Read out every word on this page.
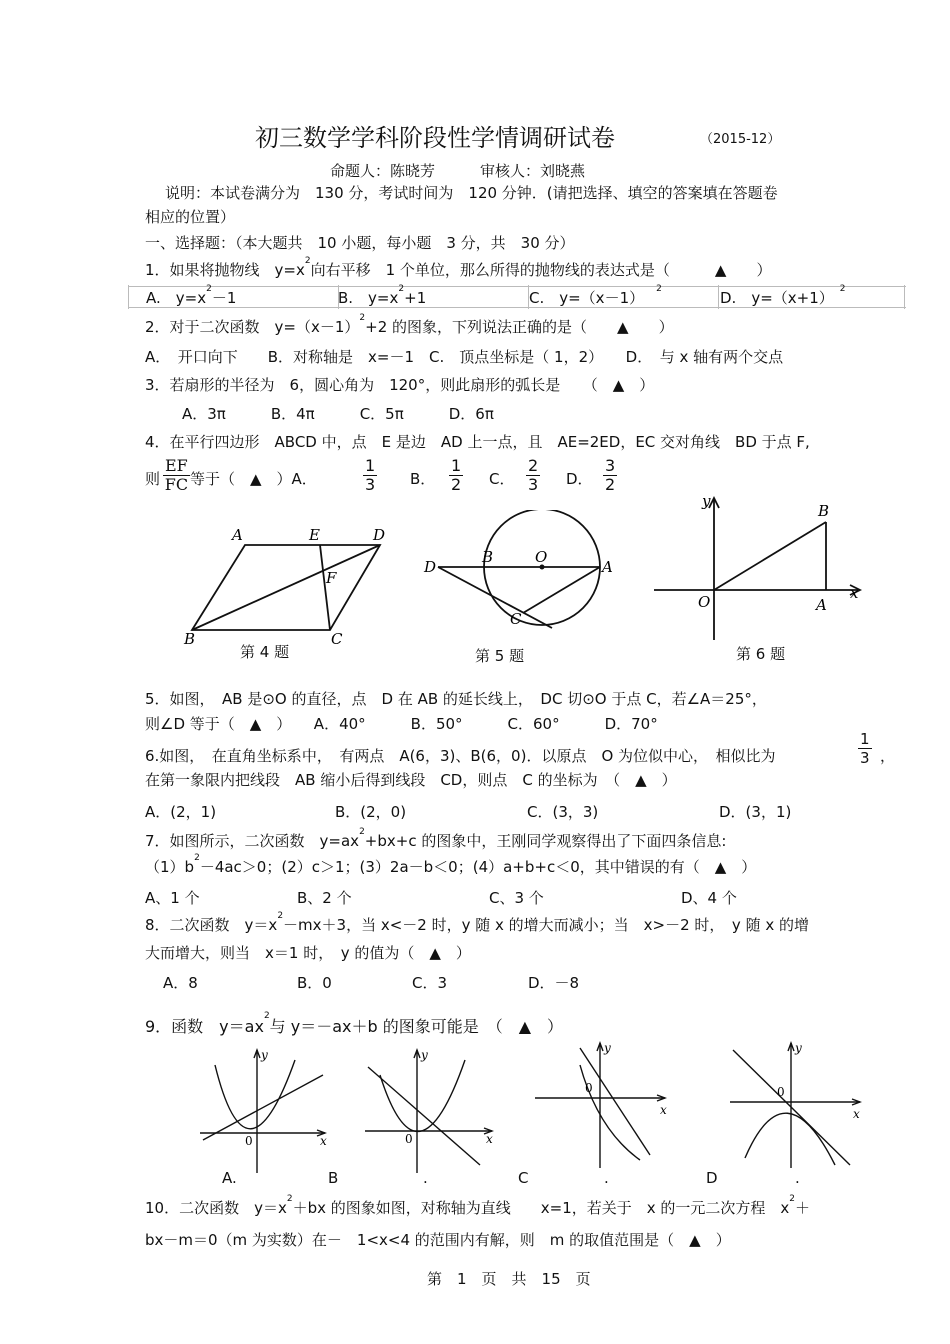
初三数学学科阶段性学情调研试卷	（2015-12）
命题人：陈晓芳　　　审核人：刘晓燕
说明：本试卷满分为　130 分，考试时间为　120 分钟．(请把选择、填空的答案填在答题卷
相应的位置）
一、选择题：（本大题共　10 小题，每小题　3 分，共　30 分）
1．如果将抛物线　$y=x^2$向右平移　1 个单位，那么所得的抛物线的表达式是（　　　▲　　）
A.　$y=x^2-1$	B.　$y=x^2+1$	C.　y=（x－1） $^2$	D.　y=（x+1） $^2$
2．对于二次函数　$y=(x-1)^2+2$ 的图象，下列说法正确的是（　　▲　　）
A．　开口向下　　B．对称轴是　x=－1　C.　顶点坐标是（ 1，2）　　D．　与 x 轴有两个交点
3．若扇形的半径为　6，圆心角为　120°，则此扇形的弧长是　　（　▲　）
A．3π　　　B．4π　　　C．5π　　　D．6π
4．在平行四边形　ABCD 中，点　E 是边　AD 上一点，且　AE=2ED，EC 交对角线　BD 于点 F,
则 $\frac{EF}{FC}$ 等于（　▲　）A．	$\frac{1}{3}$ B． $\frac{1}{2}$ C． $\frac{2}{3}$ D． $\frac{3}{2}$
A	E	D
F
B	C
第 4 题
D
B	O
A
C
第 5 题
y
B
O	A
x
第 6 题
5．如图，　AB 是⊙O 的直径，点　D 在 AB 的延长线上，　DC 切⊙O 于点 C，若∠A＝25°，
则∠D 等于（　▲　）　　A．40°　　　B．50°　　　C．60°　　　D．70°
6.如图，　在直角坐标系中，　有两点　A(6，3)、B(6，0)．以原点　O 为位似中心，　相似比为	$\frac{1}{3}$ ，
在第一象限内把线段　AB 缩小后得到线段　CD，则点　C 的坐标为　（　▲　）
A．(2，1)	B．(2，0)	C．(3，3)	D．(3，1)
7．如图所示，二次函数　$y=ax^2+bx+c$ 的图象中，王刚同学观察得出了下面四条信息:
$(1)b^2-4ac>0$；(2）c＞1；(3）2a－b＜0；(4）a+b+c＜0，其中错误的有（　▲　）
A、1 个	B、2 个	C、3 个	D、4 个
8．二次函数　$y=x^2-mx+3$，当 x<－2 时，y 随 x 的增大而减小；当　x>－2 时，　y 随 x 的增
大而增大，则当　x＝1 时，　y 的值为（　▲　）
A．8	B．0	C．3	D．－8
9．函数　$y=ax^2$与 y＝－ax＋b 的图象可能是　（　▲　）
0
y
x	0
y
x
0
y
x
0
y
x
A.	B	.	C	.	D	.
10．二次函数　$y=x^2+bx$ 的图象如图，对称轴为直线　　x=1，若关于　x 的一元二次方程　$x^2+$
bx－m＝0（m 为实数）在－　1<x<4 的范围内有解，则　m 的取值范围是（　▲　）
第　1　页　共　15　页
